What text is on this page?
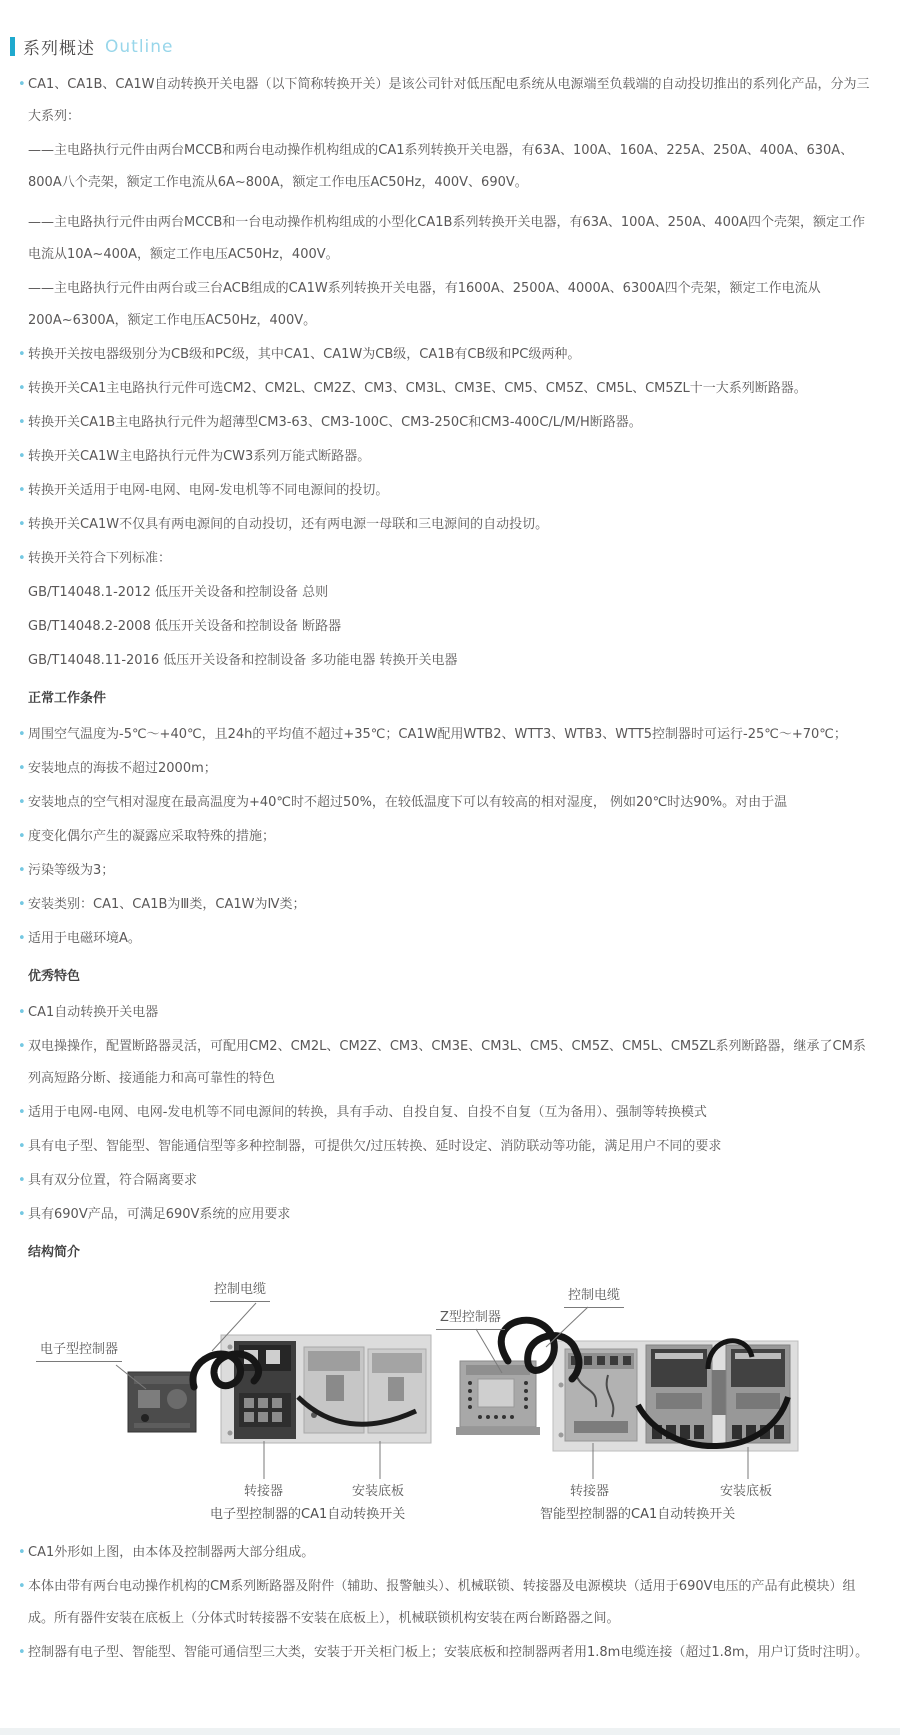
系列概述 Outline

•
CA1、CA1B、CA1W自动转换开关电器（以下简称转换开关）是该公司针对低压配电系统从电源端至负载端的自动投切推出的系列化产品，分为三大系列：

——主电路执行元件由两台MCCB和两台电动操作机构组成的CA1系列转换开关电器，有63A、100A、160A、225A、250A、400A、630A、800A八个壳架，额定工作电流从6A~800A，额定工作电压AC50Hz，400V、690V。

——主电路执行元件由两台MCCB和一台电动操作机构组成的小型化CA1B系列转换开关电器，有63A、100A、250A、400A四个壳架，额定工作电流从10A~400A，额定工作电压AC50Hz，400V。

——主电路执行元件由两台或三台ACB组成的CA1W系列转换开关电器，有1600A、2500A、4000A、6300A四个壳架，额定工作电流从200A~6300A，额定工作电压AC50Hz，400V。

•
转换开关按电器级别分为CB级和PC级，其中CA1、CA1W为CB级，CA1B有CB级和PC级两种。

•
转换开关CA1主电路执行元件可选CM2、CM2L、CM2Z、CM3、CM3L、CM3E、CM5、CM5Z、CM5L、CM5ZL十一大系列断路器。

•
转换开关CA1B主电路执行元件为超薄型CM3-63、CM3-100C、CM3-250C和CM3-400C/L/M/H断路器。

•
转换开关CA1W主电路执行元件为CW3系列万能式断路器。

•
转换开关适用于电网-电网、电网-发电机等不同电源间的投切。

•
转换开关CA1W不仅具有两电源间的自动投切，还有两电源一母联和三电源间的自动投切。

•
转换开关符合下列标准：

GB/T14048.1-2012 低压开关设备和控制设备 总则

GB/T14048.2-2008 低压开关设备和控制设备 断路器

GB/T14048.11-2016 低压开关设备和控制设备 多功能电器 转换开关电器

正常工作条件

•
周围空气温度为-5℃～+40℃，且24h的平均值不超过+35℃；CA1W配用WTB2、WTT3、WTB3、WTT5控制器时可运行-25℃～+70℃；

•
安装地点的海拔不超过2000m；

•
安装地点的空气相对湿度在最高温度为+40℃时不超过50%，在较低温度下可以有较高的相对湿度， 例如20℃时达90%。对由于温

•
度变化偶尔产生的凝露应采取特殊的措施；

•
污染等级为3；

•
安装类别：CA1、CA1B为Ⅲ类，CA1W为Ⅳ类；

•
适用于电磁环境A。

优秀特色

•
CA1自动转换开关电器

•
双电操操作，配置断路器灵活，可配用CM2、CM2L、CM2Z、CM3、CM3E、CM3L、CM5、CM5Z、CM5L、CM5ZL系列断路器，继承了CM系列高短路分断、接通能力和高可靠性的特色

•
适用于电网-电网、电网-发电机等不同电源间的转换，具有手动、自投自复、自投不自复（互为备用）、强制等转换模式

•
具有电子型、智能型、智能通信型等多种控制器，可提供欠/过压转换、延时设定、消防联动等功能，满足用户不同的要求

•
具有双分位置，符合隔离要求

•
具有690V产品，可满足690V系统的应用要求

结构简介

控制电缆
电子型控制器
转接器	安装底板
电子型控制器的CA1自动转换开关
Z型控制器
控制电缆
转接器	安装底板
智能型控制器的CA1自动转换开关

•
CA1外形如上图，由本体及控制器两大部分组成。

•
本体由带有两台电动操作机构的CM系列断路器及附件（辅助、报警触头）、机械联锁、转接器及电源模块（适用于690V电压的产品有此模块）组成。所有器件安装在底板上（分体式时转接器不安装在底板上），机械联锁机构安装在两台断路器之间。

•
控制器有电子型、智能型、智能可通信型三大类，安装于开关柜门板上；安装底板和控制器两者用1.8m电缆连接（超过1.8m，用户订货时注明）。
